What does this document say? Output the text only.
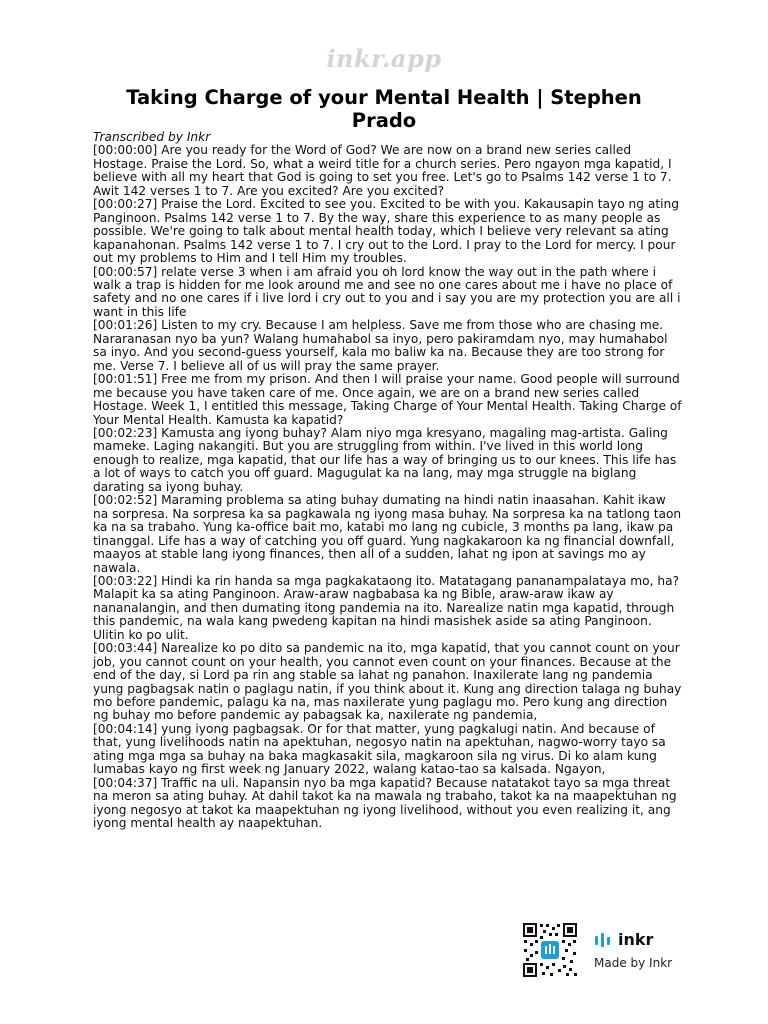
inkr.app
Taking Charge of your Mental Health | Stephen Prado
Transcribed by Inkr

[00:00:00] Are you ready for the Word of God? We are now on a brand new series called Hostage. Praise the Lord. So, what a weird title for a church series. Pero ngayon mga kapatid, I believe with all my heart that God is going to set you free. Let's go to Psalms 142 verse 1 to 7. Awit 142 verses 1 to 7. Are you excited? Are you excited?

[00:00:27] Praise the Lord. Excited to see you. Excited to be with you. Kakausapin tayo ng ating Panginoon. Psalms 142 verse 1 to 7. By the way, share this experience to as many people as possible. We're going to talk about mental health today, which I believe very relevant sa ating kapanahonan. Psalms 142 verse 1 to 7. I cry out to the Lord. I pray to the Lord for mercy. I pour out my problems to Him and I tell Him my troubles.

[00:00:57] relate verse 3 when i am afraid you oh lord know the way out in the path where i walk a trap is hidden for me look around me and see no one cares about me i have no place of safety and no one cares if i live lord i cry out to you and i say you are my protection you are all i want in this life

[00:01:26] Listen to my cry. Because I am helpless. Save me from those who are chasing me. Nararanasan nyo ba yun? Walang humahabol sa inyo, pero pakiramdam nyo, may humahabol sa inyo. And you second-guess yourself, kala mo baliw ka na. Because they are too strong for me. Verse 7. I believe all of us will pray the same prayer.

[00:01:51] Free me from my prison. And then I will praise your name. Good people will surround me because you have taken care of me. Once again, we are on a brand new series called Hostage. Week 1, I entitled this message, Taking Charge of Your Mental Health. Taking Charge of Your Mental Health. Kamusta ka kapatid?

[00:02:23] Kamusta ang iyong buhay? Alam niyo mga kresyano, magaling mag-artista. Galing mameke. Laging nakangiti. But you are struggling from within. I've lived in this world long enough to realize, mga kapatid, that our life has a way of bringing us to our knees. This life has a lot of ways to catch you off guard. Magugulat ka na lang, may mga struggle na biglang darating sa iyong buhay.

[00:02:52] Maraming problema sa ating buhay dumating na hindi natin inaasahan. Kahit ikaw na sorpresa. Na sorpresa ka sa pagkawala ng iyong masa buhay. Na sorpresa ka na tatlong taon ka na sa trabaho. Yung ka-office bait mo, katabi mo lang ng cubicle, 3 months pa lang, ikaw pa tinanggal. Life has a way of catching you off guard. Yung nagkakaroon ka ng financial downfall, maayos at stable lang iyong finances, then all of a sudden, lahat ng ipon at savings mo ay nawala.

[00:03:22] Hindi ka rin handa sa mga pagkakataong ito. Matatagang pananampalataya mo, ha? Malapit ka sa ating Panginoon. Araw-araw nagbabasa ka ng Bible, araw-araw ikaw ay nananalangin, and then dumating itong pandemia na ito. Narealize natin mga kapatid, through this pandemic, na wala kang pwedeng kapitan na hindi masishek aside sa ating Panginoon. Ulitin ko po ulit.

[00:03:44] Narealize ko po dito sa pandemic na ito, mga kapatid, that you cannot count on your job, you cannot count on your health, you cannot even count on your finances. Because at the end of the day, si Lord pa rin ang stable sa lahat ng panahon. Inaxilerate lang ng pandemia yung pagbagsak natin o paglagu natin, if you think about it. Kung ang direction talaga ng buhay mo before pandemic, palagu ka na, mas naxilerate yung paglagu mo. Pero kung ang direction ng buhay mo before pandemic ay pabagsak ka, naxilerate ng pandemia,

[00:04:14] yung iyong pagbagsak. Or for that matter, yung pagkalugi natin. And because of that, yung livelihoods natin na apektuhan, negosyo natin na apektuhan, nagwo-worry tayo sa ating mga mga sa buhay na baka magkasakit sila, magkaroon sila ng virus. Di ko alam kung lumabas kayo ng first week ng January 2022, walang katao-tao sa kalsada. Ngayon,

[00:04:37] Traffic na uli. Napansin nyo ba mga kapatid? Because natatakot tayo sa mga threat na meron sa ating buhay. At dahil takot ka na mawala ng trabaho, takot ka na maapektuhan ng iyong negosyo at takot ka maapektuhan ng iyong livelihood, without you even realizing it, ang iyong mental health ay naapektuhan.

inkr
Made by Inkr
